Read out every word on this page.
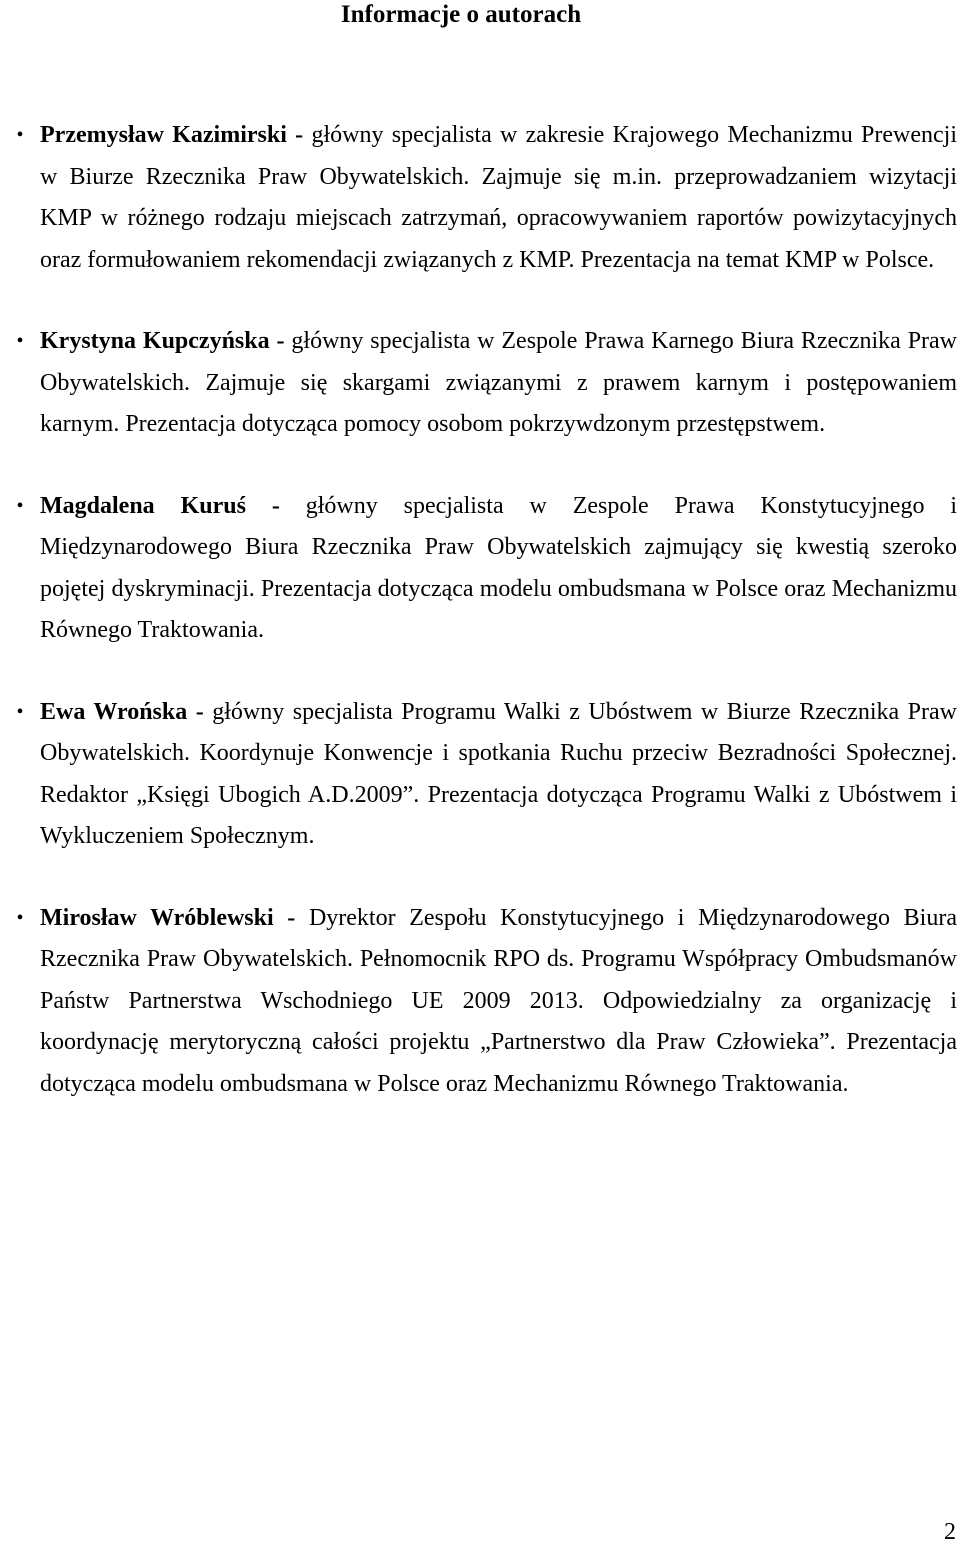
Informacje o autorach
• Przemysław Kazimirski - główny specjalista w zakresie Krajowego Mechanizmu Prewencji w Biurze Rzecznika Praw Obywatelskich. Zajmuje się m.in. przeprowadzaniem wizytacji KMP w różnego rodzaju miejscach zatrzymań, opracowywaniem raportów powizytacyjnych oraz formułowaniem rekomendacji związanych z KMP. Prezentacja na temat KMP w Polsce.
• Krystyna Kupczyńska - główny specjalista w Zespole Prawa Karnego Biura Rzecznika Praw Obywatelskich. Zajmuje się skargami związanymi z prawem karnym i postępowaniem karnym. Prezentacja dotycząca pomocy osobom pokrzywdzonym przestępstwem.
• Magdalena Kuruś - główny specjalista w Zespole Prawa Konstytucyjnego i Międzynarodowego Biura Rzecznika Praw Obywatelskich zajmujący się kwestią szeroko pojętej dyskryminacji. Prezentacja dotycząca modelu ombudsmana w Polsce oraz Mechanizmu Równego Traktowania.
• Ewa Wrońska - główny specjalista Programu Walki z Ubóstwem w Biurze Rzecznika Praw Obywatelskich. Koordynuje Konwencje i spotkania Ruchu przeciw Bezradności Społecznej. Redaktor „Księgi Ubogich A.D.2009”. Prezentacja dotycząca Programu Walki z Ubóstwem i Wykluczeniem Społecznym.
• Mirosław Wróblewski - Dyrektor Zespołu Konstytucyjnego i Międzynarodowego Biura Rzecznika Praw Obywatelskich. Pełnomocnik RPO ds. Programu Współpracy Ombudsmanów Państw Partnerstwa Wschodniego UE 2009 2013. Odpowiedzialny za organizację i koordynację merytoryczną całości projektu „Partnerstwo dla Praw Człowieka”. Prezentacja dotycząca modelu ombudsmana w Polsce oraz Mechanizmu Równego Traktowania.
2
